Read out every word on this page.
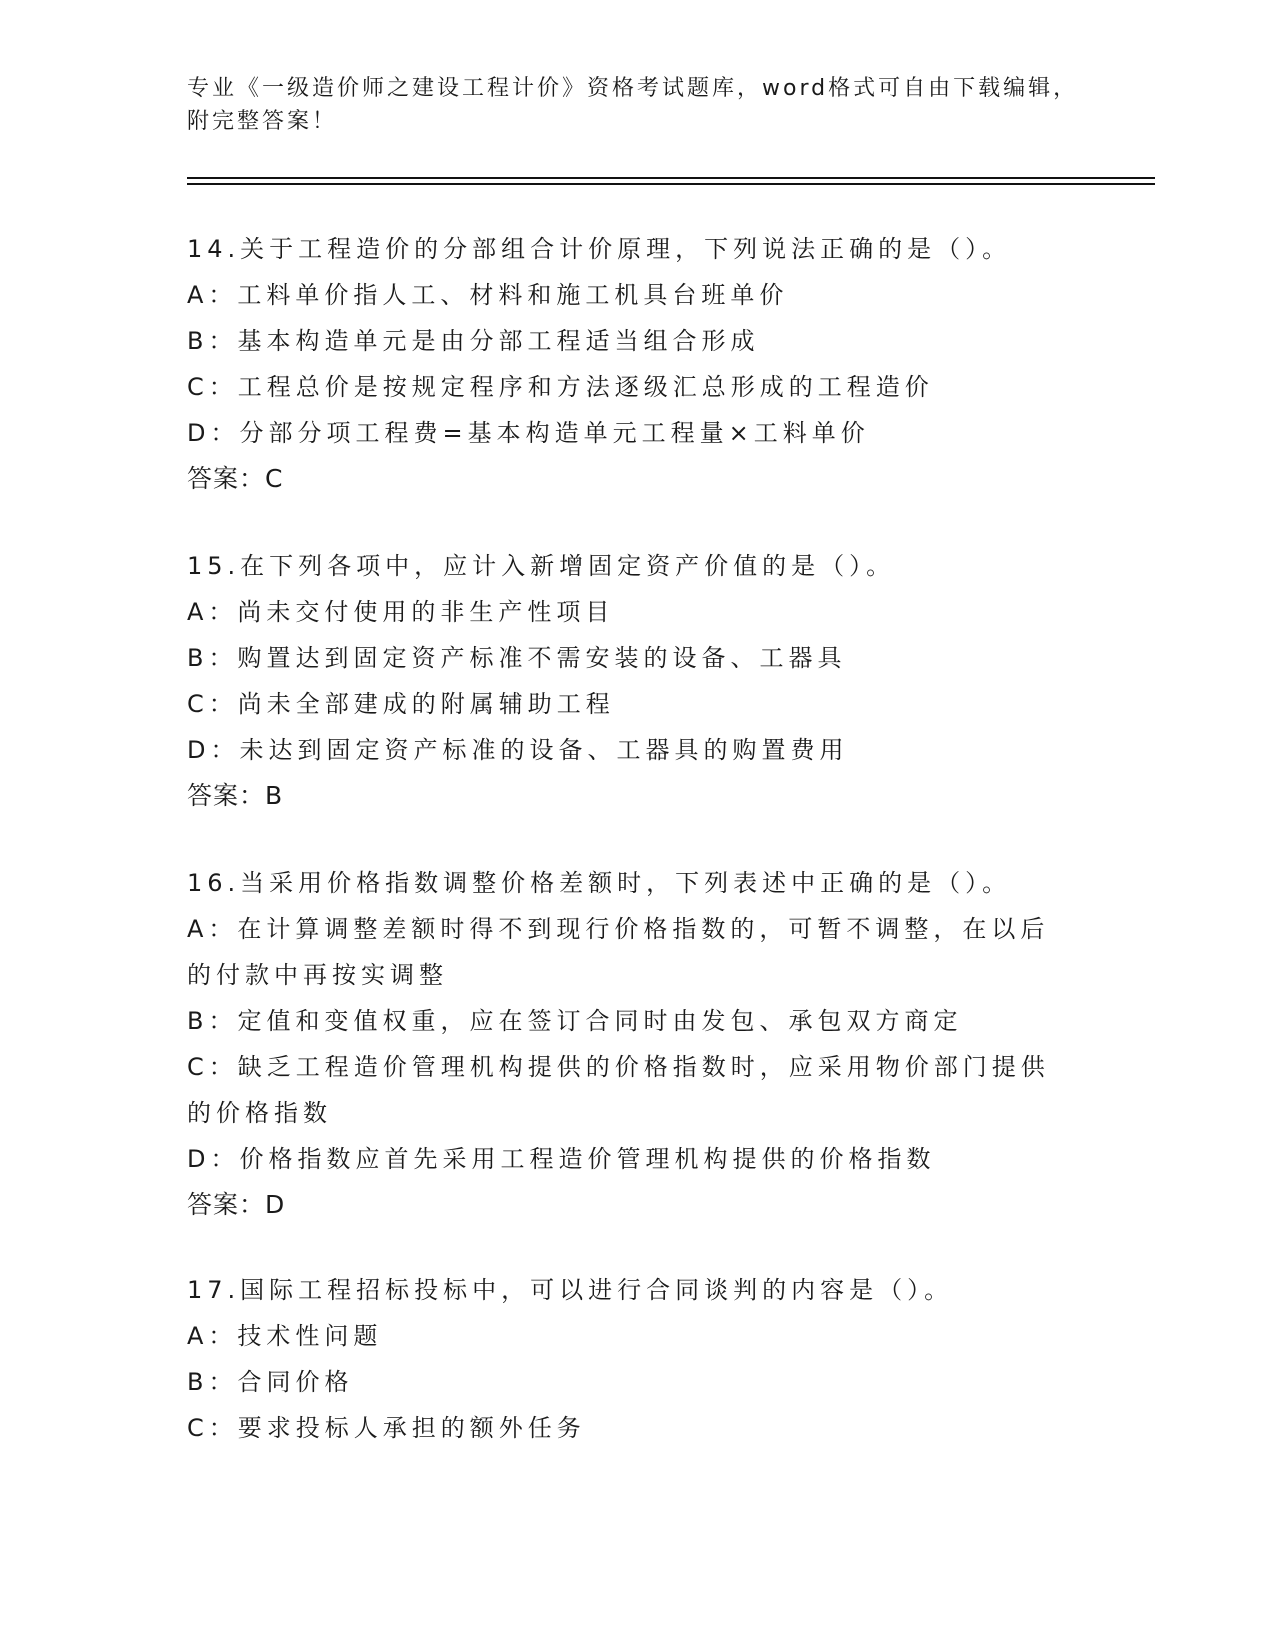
专业《一级造价师之建设工程计价》资格考试题库，word格式可自由下载编辑，
附完整答案！
14.关于工程造价的分部组合计价原理，下列说法正确的是（）。
A：工料单价指人工、材料和施工机具台班单价
B：基本构造单元是由分部工程适当组合形成
C：工程总价是按规定程序和方法逐级汇总形成的工程造价
D：分部分项工程费=基本构造单元工程量×工料单价
答案：C
15.在下列各项中，应计入新增固定资产价值的是（）。
A：尚未交付使用的非生产性项目
B：购置达到固定资产标准不需安装的设备、工器具
C：尚未全部建成的附属辅助工程
D：未达到固定资产标准的设备、工器具的购置费用
答案：B
16.当采用价格指数调整价格差额时，下列表述中正确的是（）。
A：在计算调整差额时得不到现行价格指数的，可暂不调整，在以后的付款中再按实调整
B：定值和变值权重，应在签订合同时由发包、承包双方商定
C：缺乏工程造价管理机构提供的价格指数时，应采用物价部门提供的价格指数
D：价格指数应首先采用工程造价管理机构提供的价格指数
答案：D
17.国际工程招标投标中，可以进行合同谈判的内容是（）。
A：技术性问题
B：合同价格
C：要求投标人承担的额外任务
